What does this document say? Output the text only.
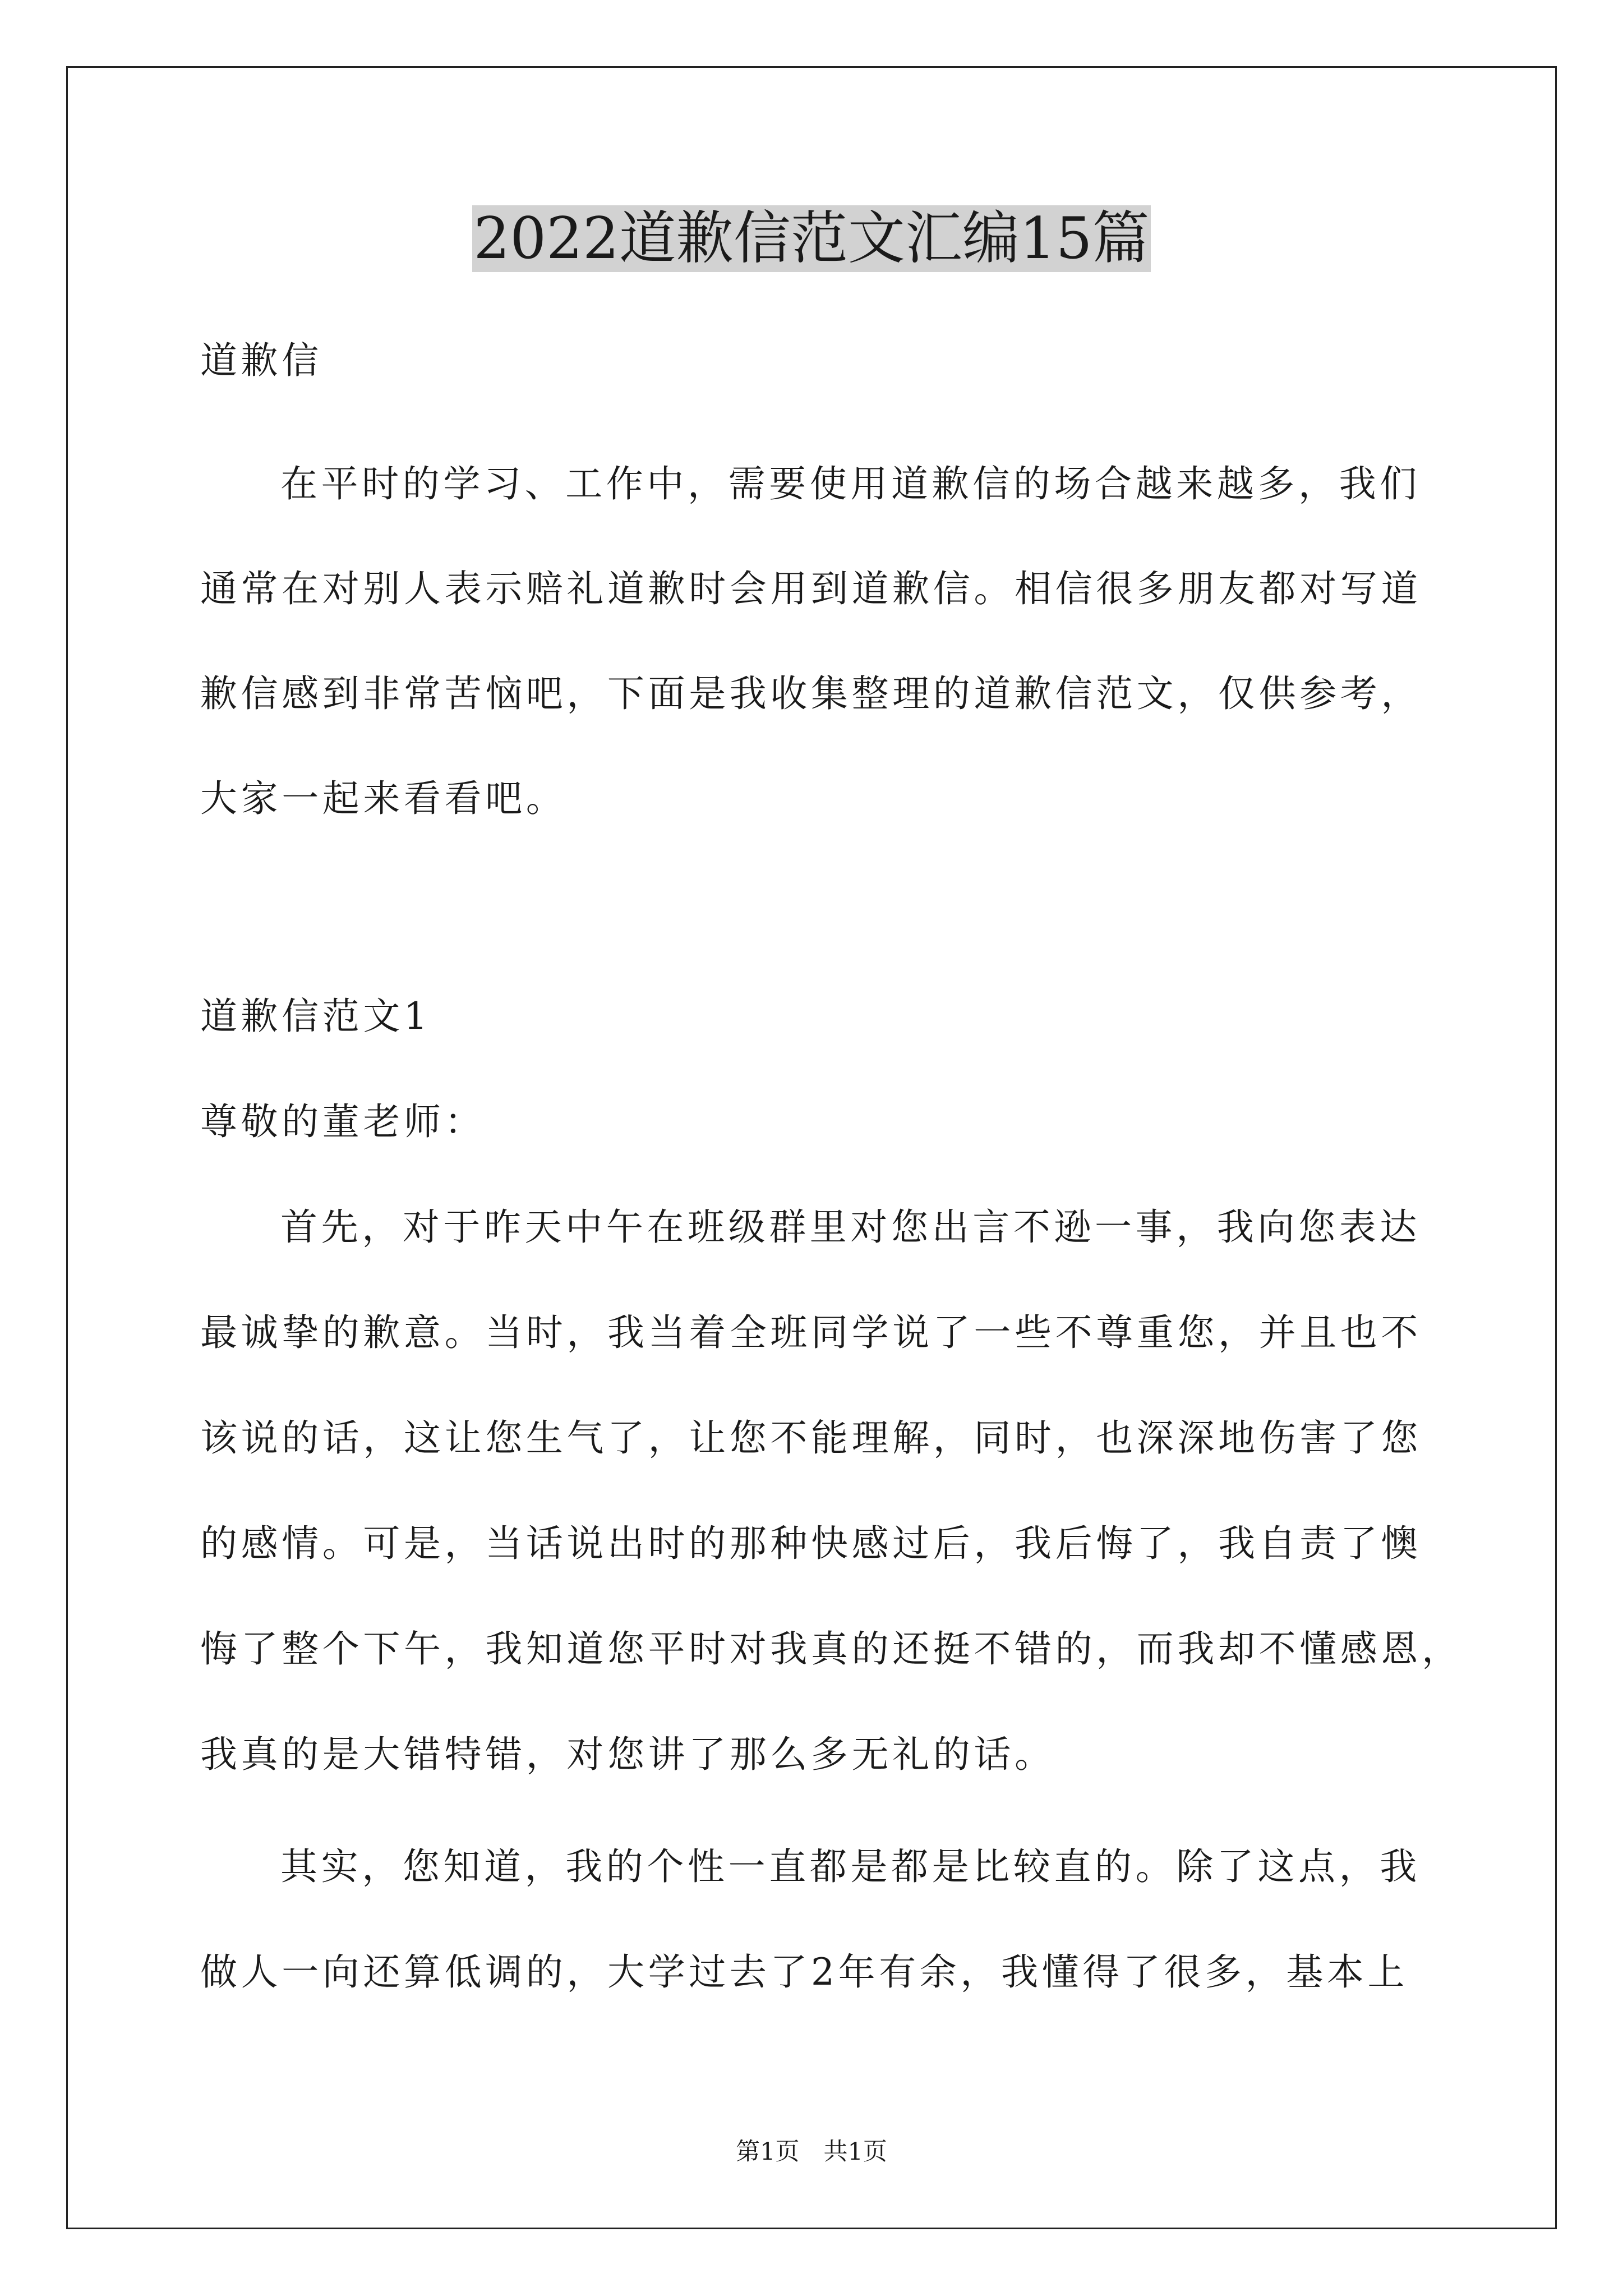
2022道歉信范文汇编15篇

道歉信

在平时的学习、工作中，需要使用道歉信的场合越来越多，我们

通常在对别人表示赔礼道歉时会用到道歉信。相信很多朋友都对写道

歉信感到非常苦恼吧，下面是我收集整理的道歉信范文，仅供参考，

大家一起来看看吧。

道歉信范文1

尊敬的董老师：

首先，对于昨天中午在班级群里对您出言不逊一事，我向您表达

最诚挚的歉意。当时，我当着全班同学说了一些不尊重您，并且也不

该说的话，这让您生气了，让您不能理解，同时，也深深地伤害了您

的感情。可是，当话说出时的那种快感过后，我后悔了，我自责了懊

悔了整个下午，我知道您平时对我真的还挺不错的，而我却不懂感恩，

我真的是大错特错，对您讲了那么多无礼的话。

其实，您知道，我的个性一直都是都是比较直的。除了这点，我

做人一向还算低调的，大学过去了2年有余，我懂得了很多，基本上

第1页　共1页
